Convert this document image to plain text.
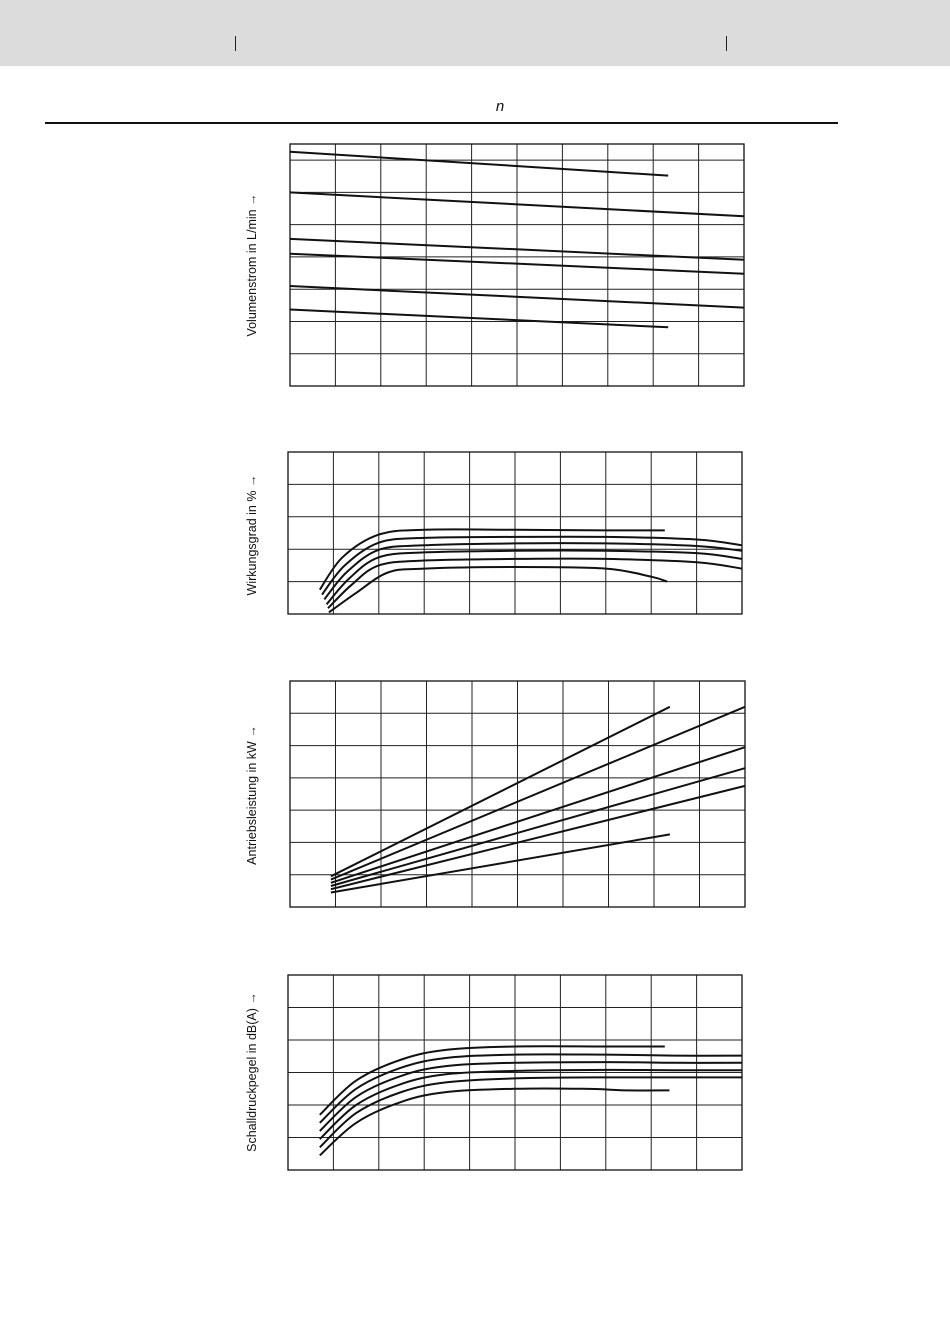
n
Volumenstrom in L/min →
Wirkungsgrad in % →
Antriebsleistung in kW →
Schalldruckpegel in dB(A) →
